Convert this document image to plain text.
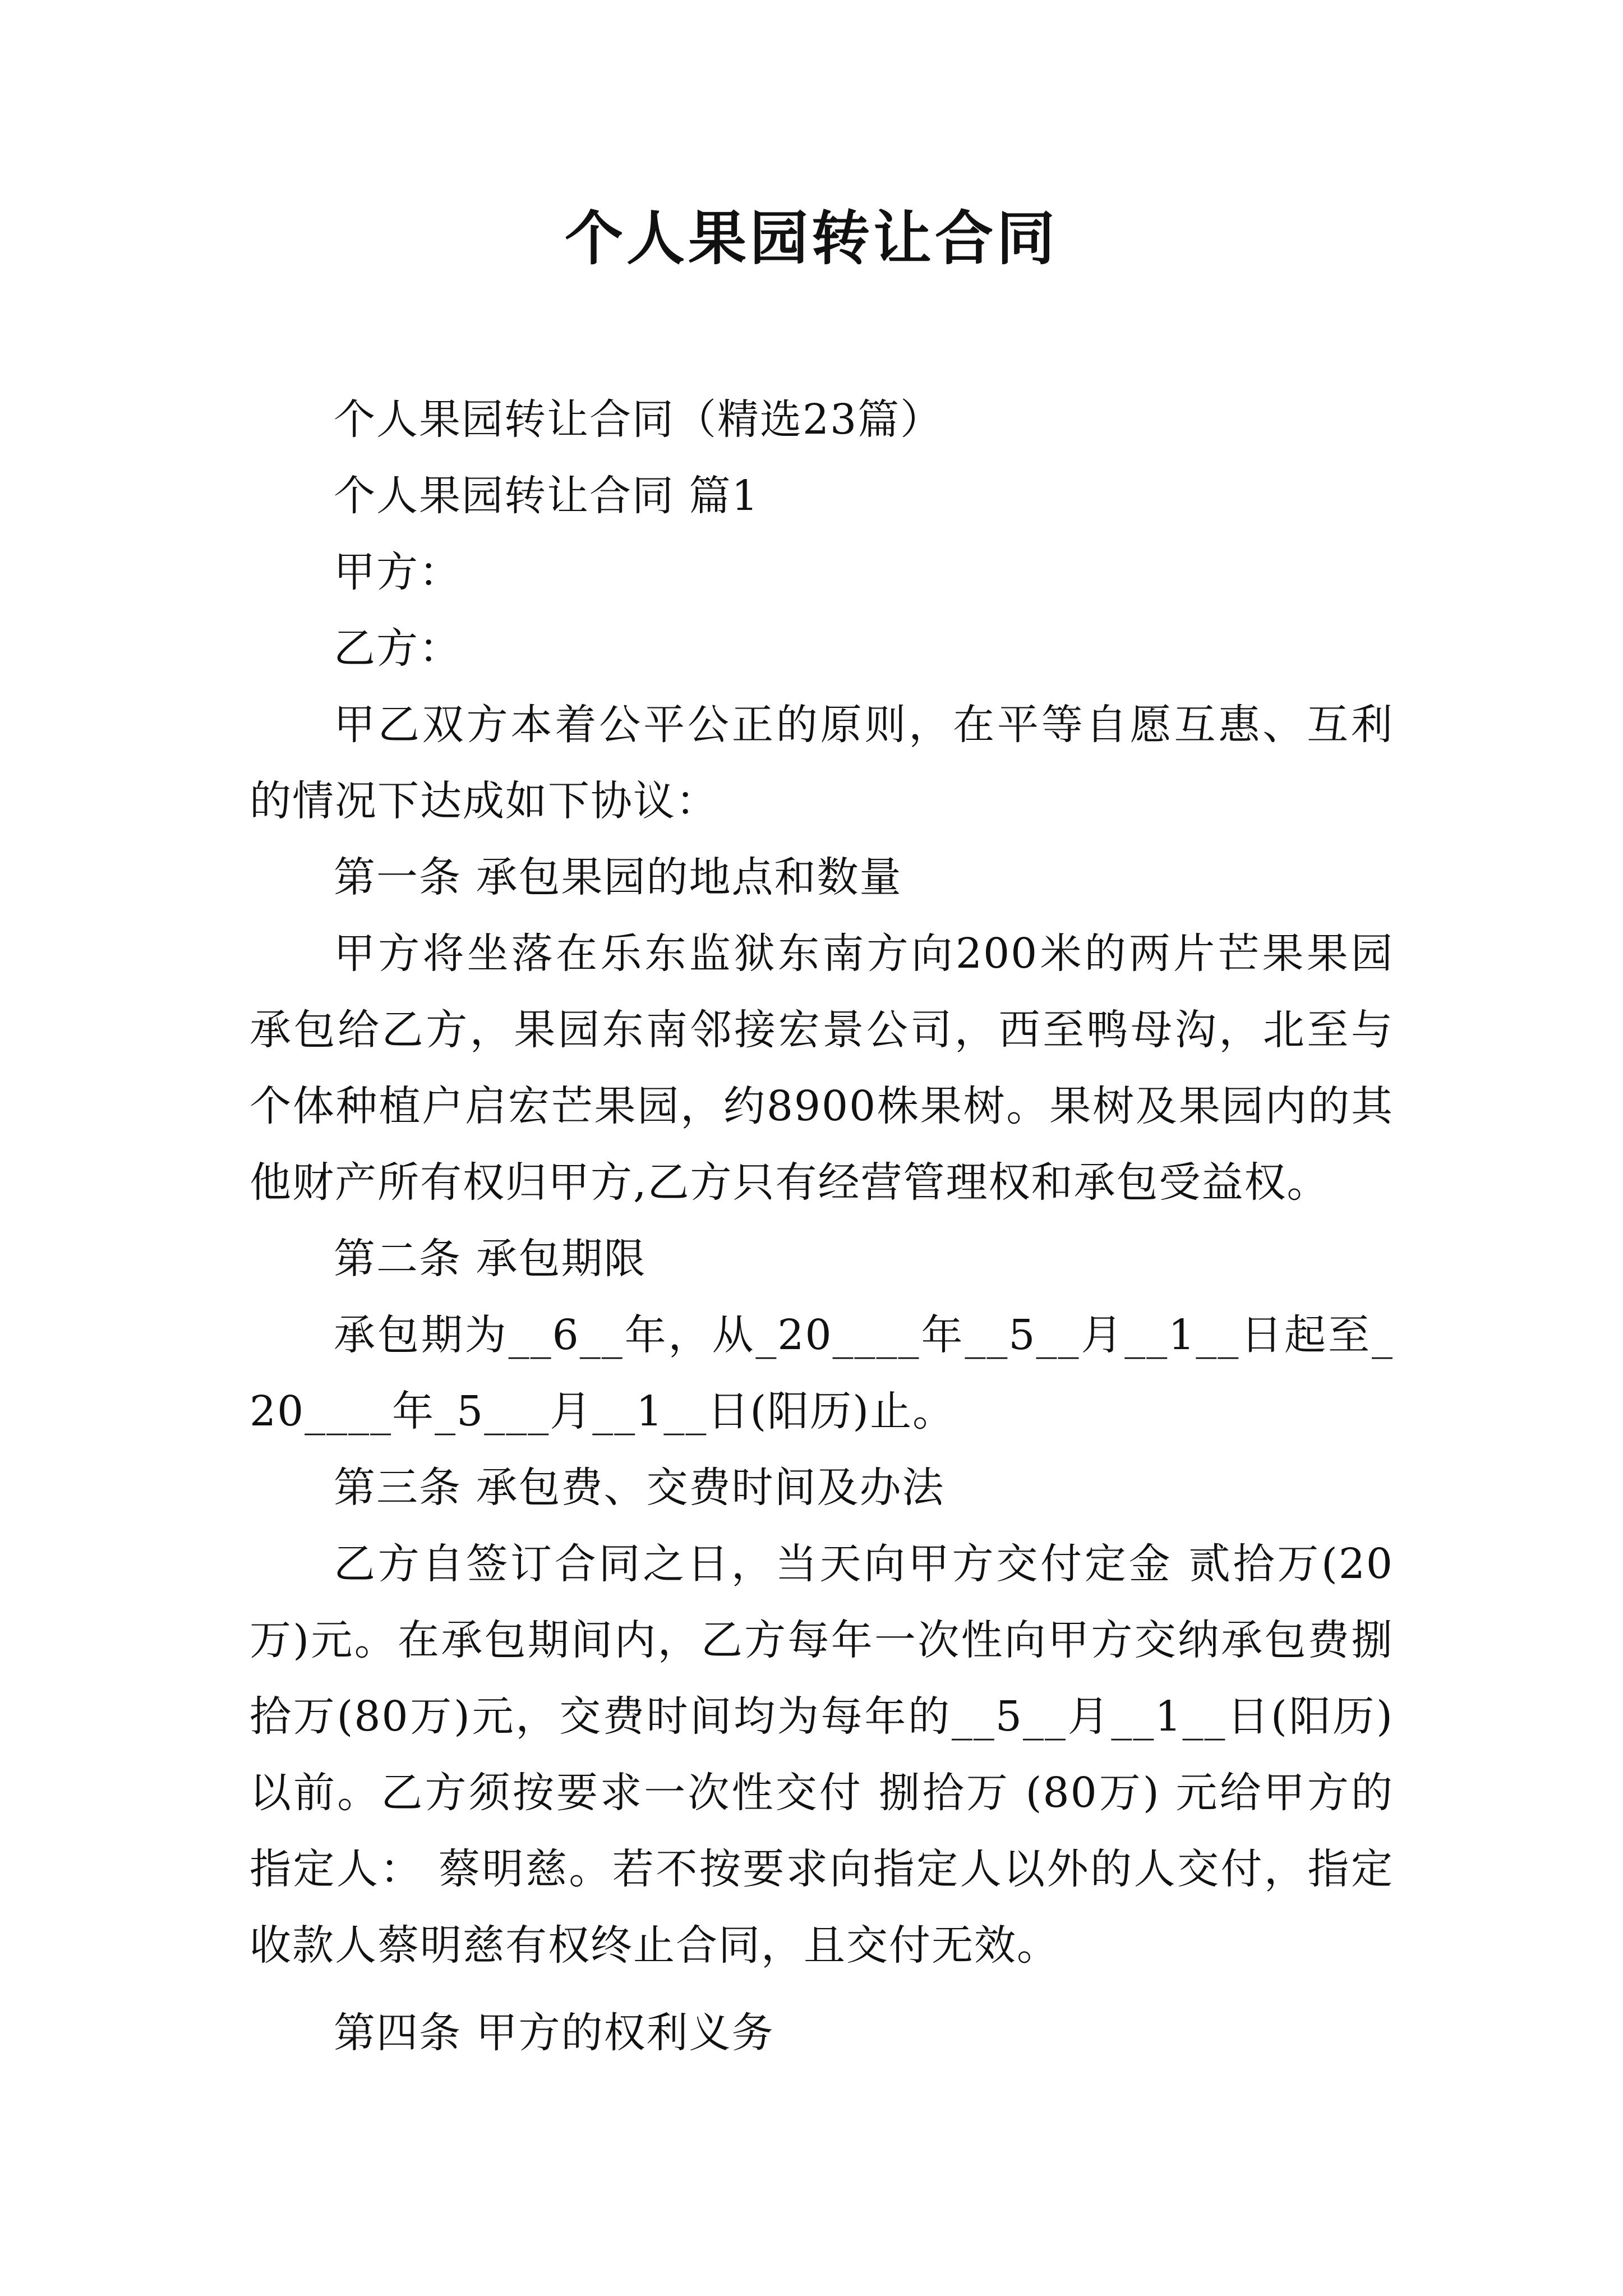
个人果园转让合同

个人果园转让合同（精选23篇）

个人果园转让合同 篇1

甲方：

乙方：

甲乙双方本着公平公正的原则，在平等自愿互惠、互利的情况下达成如下协议：

第一条 承包果园的地点和数量

甲方将坐落在乐东监狱东南方向200米的两片芒果果园承包给乙方，果园东南邻接宏景公司，西至鸭母沟，北至与个体种植户启宏芒果园，约8900株果树。果树及果园内的其他财产所有权归甲方,乙方只有经营管理权和承包受益权。

第二条 承包期限

承包期为__6__年，从_20____年__5__月__1__日起至_20____年_5___月__1__日(阳历)止。

第三条 承包费、交费时间及办法

乙方自签订合同之日，当天向甲方交付定金 贰拾万(20万)元。在承包期间内，乙方每年一次性向甲方交纳承包费捌拾万(80万)元，交费时间均为每年的__5__月__1__日(阳历)以前。乙方须按要求一次性交付 捌拾万 (80万) 元给甲方的指定人： 蔡明慈。若不按要求向指定人以外的人交付，指定收款人蔡明慈有权终止合同，且交付无效。

第四条 甲方的权利义务
